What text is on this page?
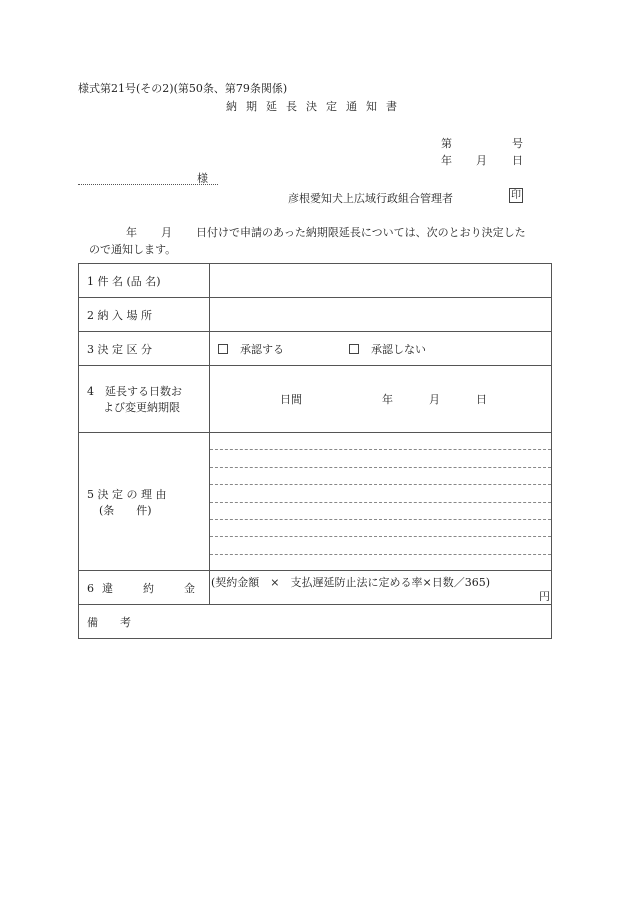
様式第21号(その2)(第50条、第79条関係)
納期延長決定通知書
第	号
年 月 日
様
彦根愛知犬上広域行政組合管理者	印
年 月 日付けで申請のあった納期限延長については、次のとおり決定した
ので通知します。
1 件 名 (品 名)	
2 納 入 場 所	
3 決 定 区 分	承認する 承認しない

4　延長する日数お
よび変更納期限	日間 年 月 日

5 決 定 の 理 由
(条　　件)	

6 違 約 金	(契約金額　×　支払遅延防止法に定める率×日数／365)
円

備　　考	
